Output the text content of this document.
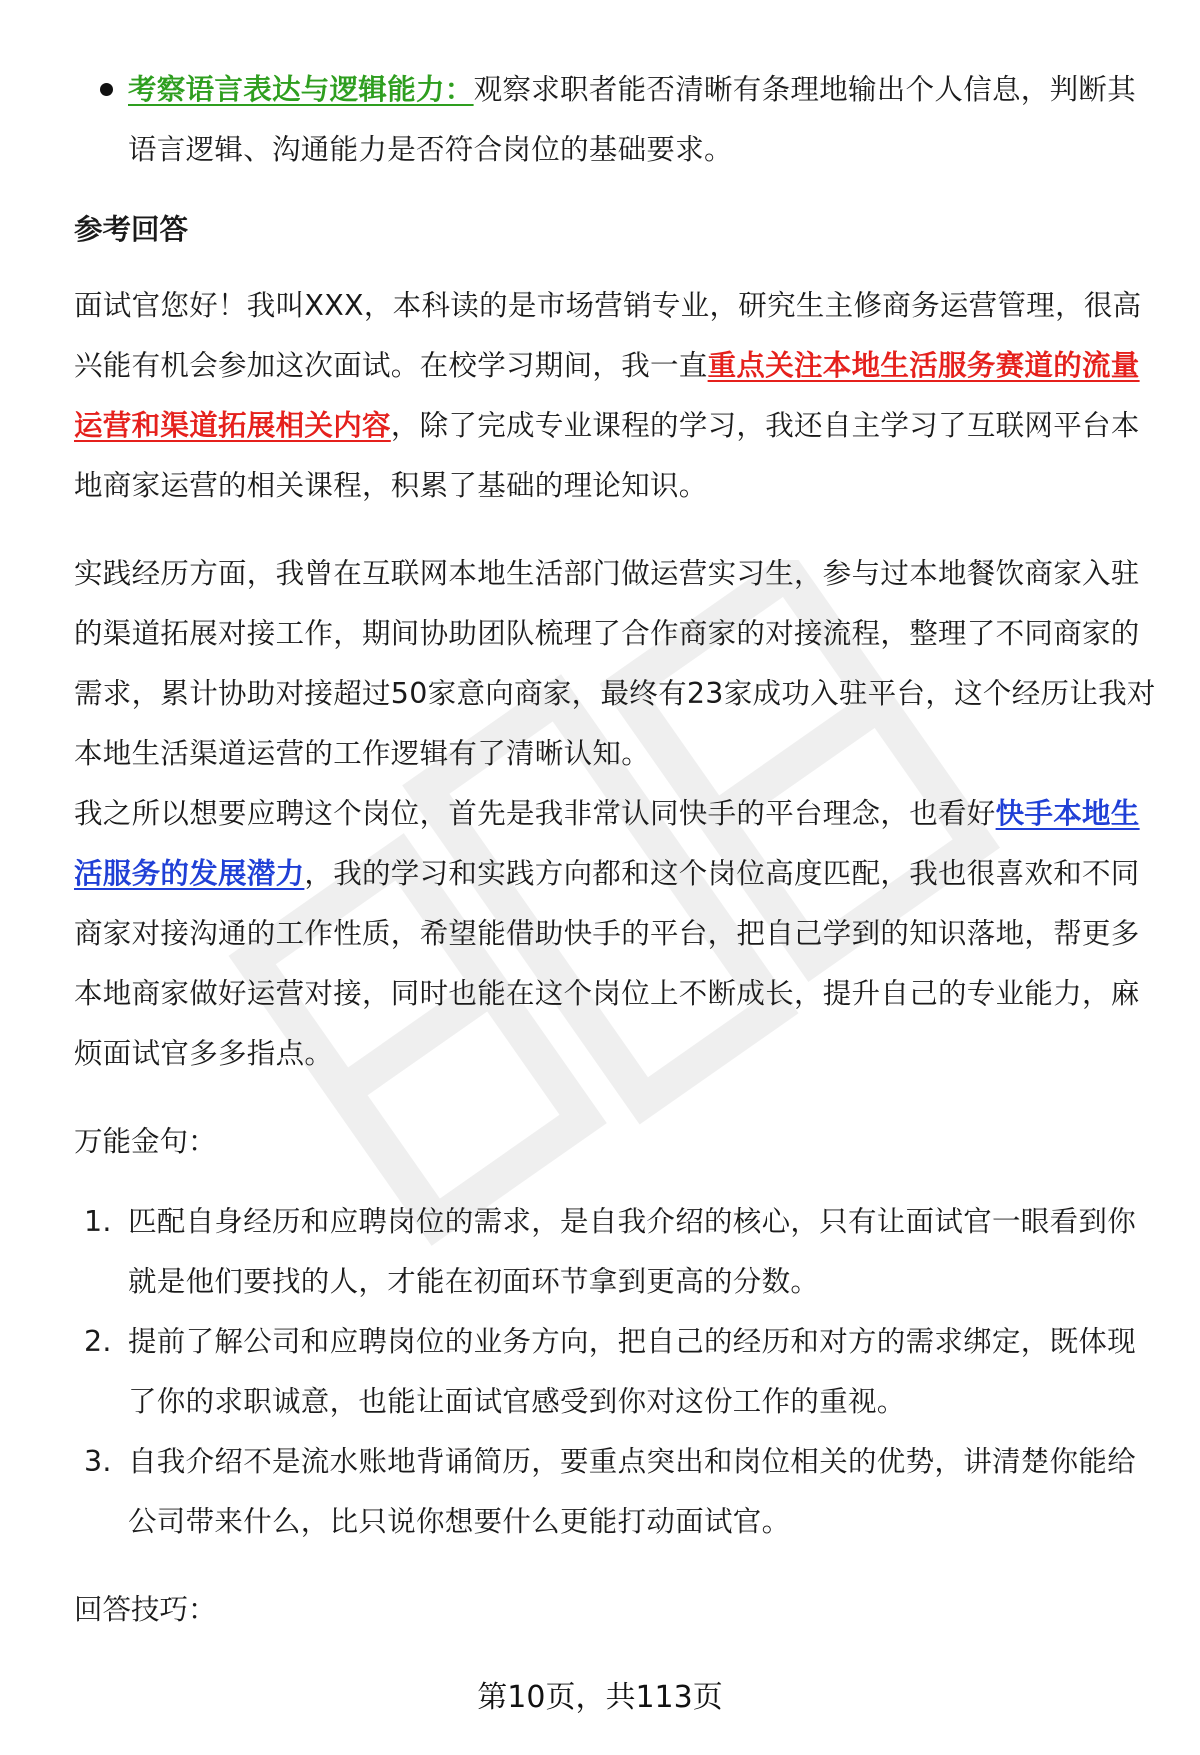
考察语言表达与逻辑能力：观察求职者能否清晰有条理地输出个人信息，判断其语言逻辑、沟通能力是否符合岗位的基础要求。
参考回答
面试官您好！我叫XXX，本科读的是市场营销专业，研究生主修商务运营管理，很高兴能有机会参加这次面试。在校学习期间，我一直重点关注本地生活服务赛道的流量运营和渠道拓展相关内容，除了完成专业课程的学习，我还自主学习了互联网平台本地商家运营的相关课程，积累了基础的理论知识。
实践经历方面，我曾在互联网本地生活部门做运营实习生，参与过本地餐饮商家入驻的渠道拓展对接工作，期间协助团队梳理了合作商家的对接流程，整理了不同商家的需求，累计协助对接超过50家意向商家，最终有23家成功入驻平台，这个经历让我对本地生活渠道运营的工作逻辑有了清晰认知。
我之所以想要应聘这个岗位，首先是我非常认同快手的平台理念，也看好快手本地生活服务的发展潜力，我的学习和实践方向都和这个岗位高度匹配，我也很喜欢和不同商家对接沟通的工作性质，希望能借助快手的平台，把自己学到的知识落地，帮更多本地商家做好运营对接，同时也能在这个岗位上不断成长，提升自己的专业能力，麻烦面试官多多指点。
万能金句：
1. 匹配自身经历和应聘岗位的需求，是自我介绍的核心，只有让面试官一眼看到你就是他们要找的人，才能在初面环节拿到更高的分数。
2. 提前了解公司和应聘岗位的业务方向，把自己的经历和对方的需求绑定，既体现了你的求职诚意，也能让面试官感受到你对这份工作的重视。
3. 自我介绍不是流水账地背诵简历，要重点突出和岗位相关的优势，讲清楚你能给公司带来什么，比只说你想要什么更能打动面试官。
回答技巧：
第10页，共113页
